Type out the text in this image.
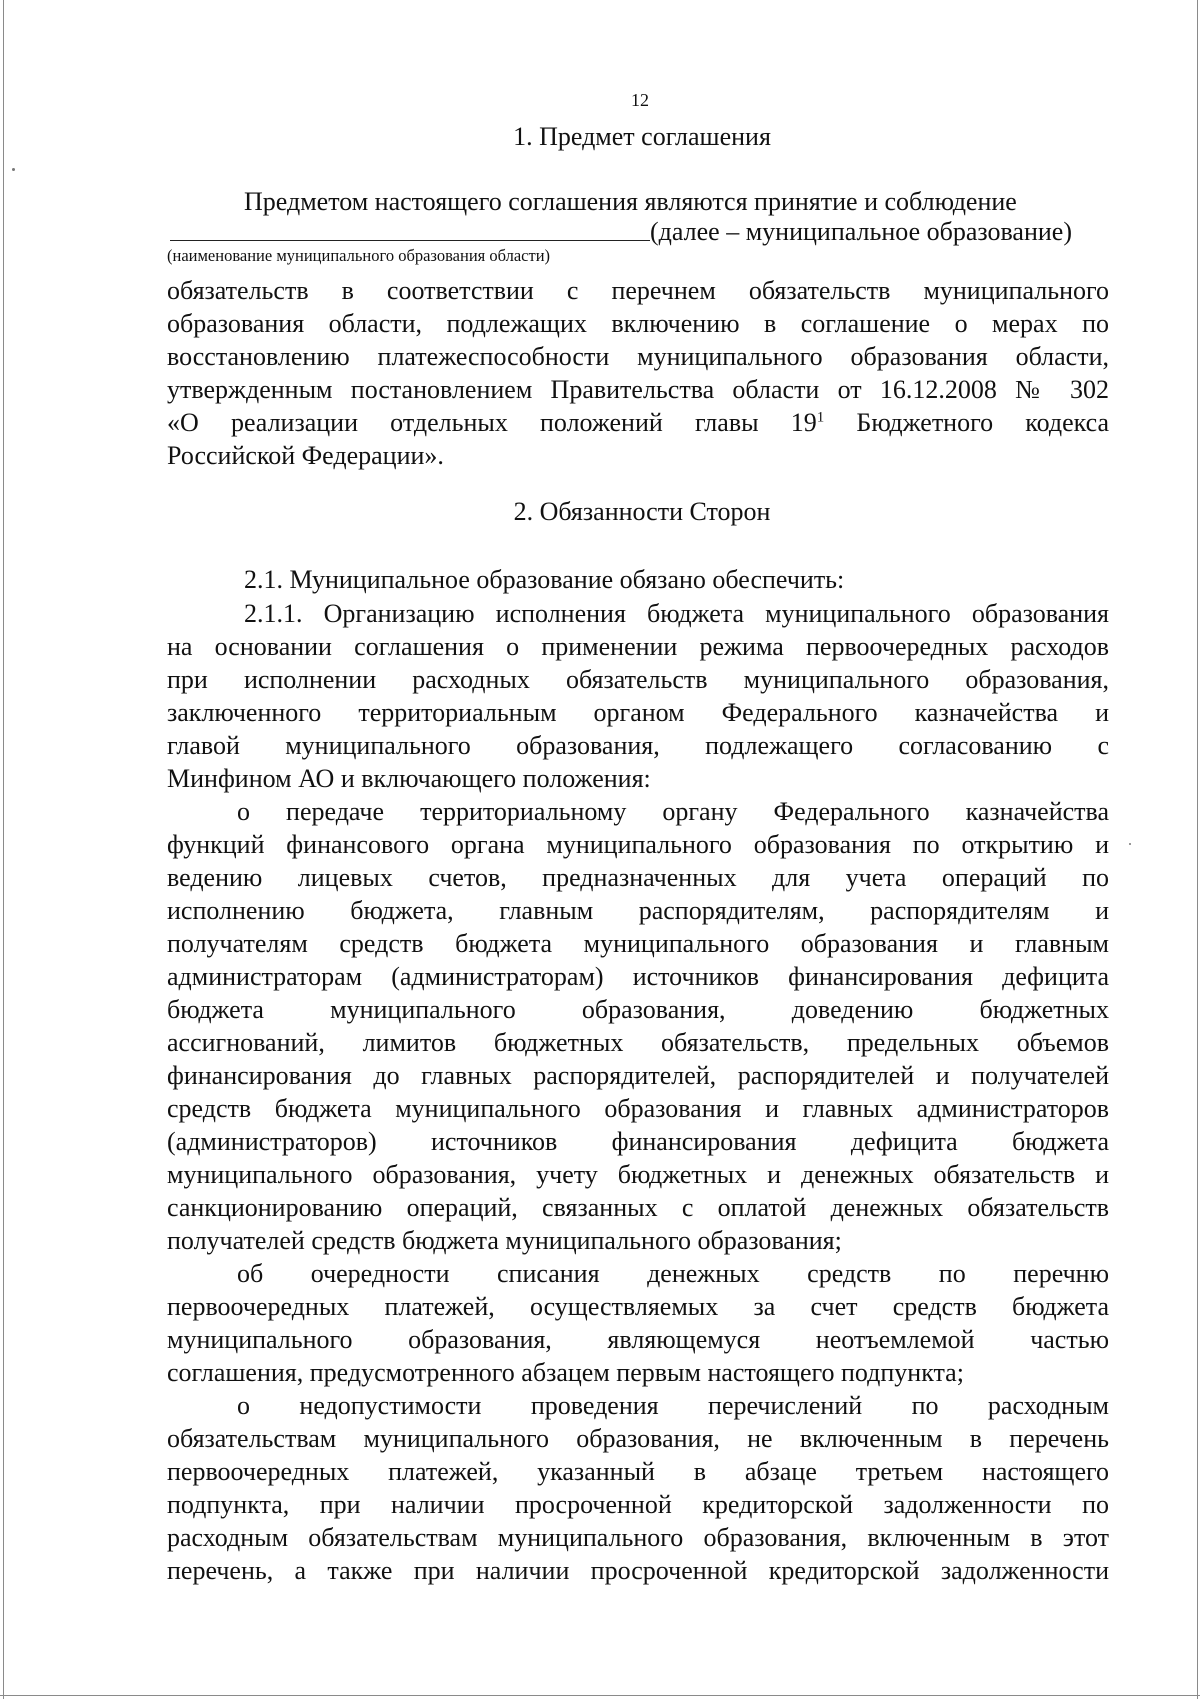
12
1. Предмет соглашения
Предметом настоящего соглашения являются принятие и соблюдение
(далее – муниципальное образование)
(наименование муниципального образования области)
обязательств в соответствии с перечнем обязательств муниципального
образования области, подлежащих включению в соглашение о мерах по
восстановлению платежеспособности муниципального образования области,
утвержденным постановлением Правительства области от 16.12.2008 № 302
«О реализации отдельных положений главы $19^1$ Бюджетного кодекса
Российской Федерации».
2. Обязанности Сторон
2.1. Муниципальное образование обязано обеспечить:
2.1.1. Организацию исполнения бюджета муниципального образования
на основании соглашения о применении режима первоочередных расходов
при исполнении расходных обязательств муниципального образования,
заключенного территориальным органом Федерального казначейства и
главой муниципального образования, подлежащего согласованию с
Минфином АО и включающего положения:
о передаче территориальному органу Федерального казначейства
функций финансового органа муниципального образования по открытию и
ведению лицевых счетов, предназначенных для учета операций по
исполнению бюджета, главным распорядителям, распорядителям и
получателям средств бюджета муниципального образования и главным
администраторам (администраторам) источников финансирования дефицита
бюджета муниципального образования, доведению бюджетных
ассигнований, лимитов бюджетных обязательств, предельных объемов
финансирования до главных распорядителей, распорядителей и получателей
средств бюджета муниципального образования и главных администраторов
(администраторов) источников финансирования дефицита бюджета
муниципального образования, учету бюджетных и денежных обязательств и
санкционированию операций, связанных с оплатой денежных обязательств
получателей средств бюджета муниципального образования;
об очередности списания денежных средств по перечню
первоочередных платежей, осуществляемых за счет средств бюджета
муниципального образования, являющемуся неотъемлемой частью
соглашения, предусмотренного абзацем первым настоящего подпункта;
о недопустимости проведения перечислений по расходным
обязательствам муниципального образования, не включенным в перечень
первоочередных платежей, указанный в абзаце третьем настоящего
подпункта, при наличии просроченной кредиторской задолженности по
расходным обязательствам муниципального образования, включенным в этот
перечень, а также при наличии просроченной кредиторской задолженности
